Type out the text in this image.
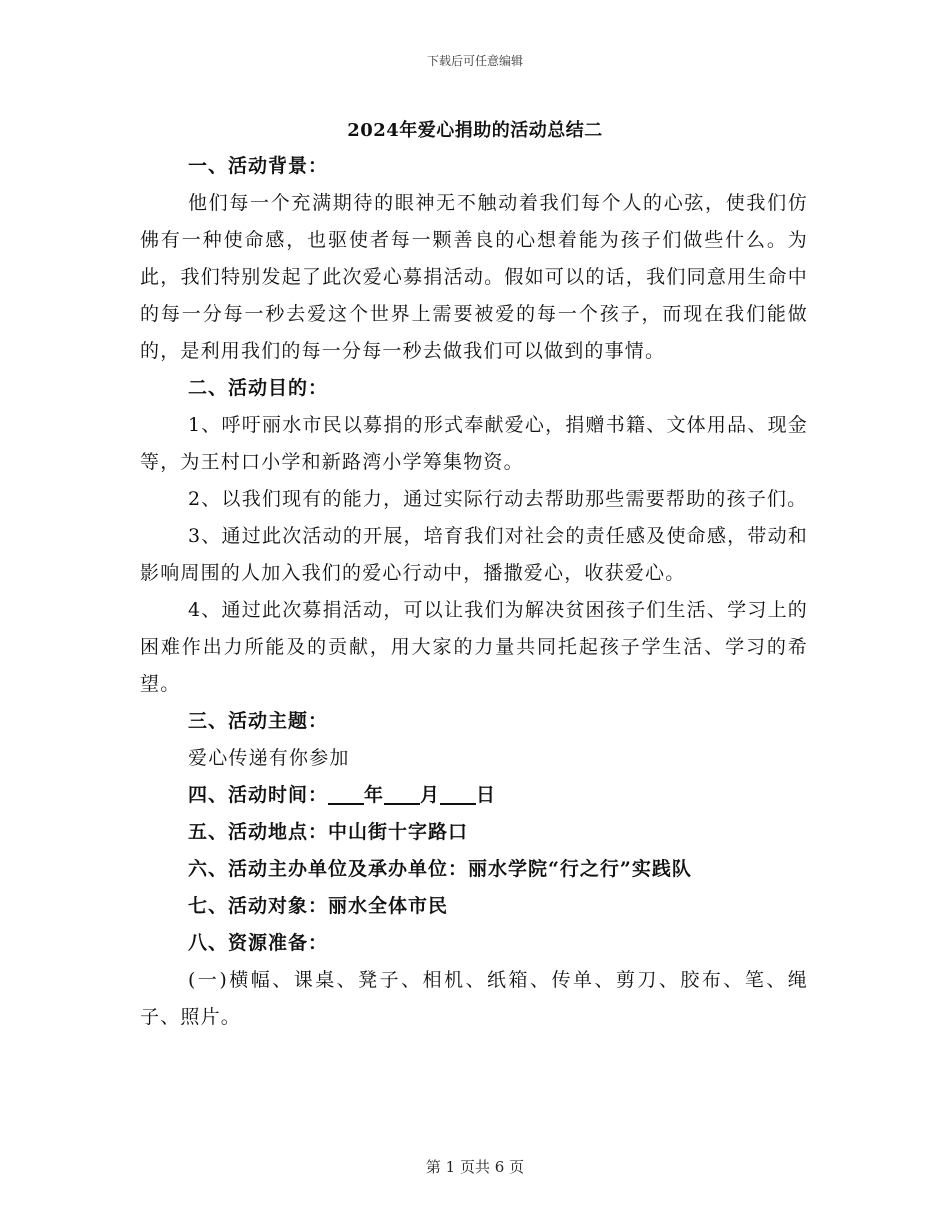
下载后可任意编辑
2024年爱心捐助的活动总结二

一、活动背景：

他们每一个充满期待的眼神无不触动着我们每个人的心弦，使我们仿佛有一种使命感，也驱使者每一颗善良的心想着能为孩子们做些什么。为此，我们特别发起了此次爱心募捐活动。假如可以的话，我们同意用生命中的每一分每一秒去爱这个世界上需要被爱的每一个孩子，而现在我们能做的，是利用我们的每一分每一秒去做我们可以做到的事情。

二、活动目的：

1、呼吁丽水市民以募捐的形式奉献爱心，捐赠书籍、文体用品、现金等，为王村口小学和新路湾小学筹集物资。

2、以我们现有的能力，通过实际行动去帮助那些需要帮助的孩子们。

3、通过此次活动的开展，培育我们对社会的责任感及使命感，带动和影响周围的人加入我们的爱心行动中，播撒爱心，收获爱心。

4、通过此次募捐活动，可以让我们为解决贫困孩子们生活、学习上的困难作出力所能及的贡献，用大家的力量共同托起孩子学生活、学习的希望。

三、活动主题：

爱心传递有你参加

四、活动时间： 年 月 日

五、活动地点：中山街十字路口

六、活动主办单位及承办单位：丽水学院“行之行”实践队

七、活动对象：丽水全体市民

八、资源准备：

(一)横幅、课桌、凳子、相机、纸箱、传单、剪刀、胶布、笔、绳子、照片。

第 1 页共 6 页
